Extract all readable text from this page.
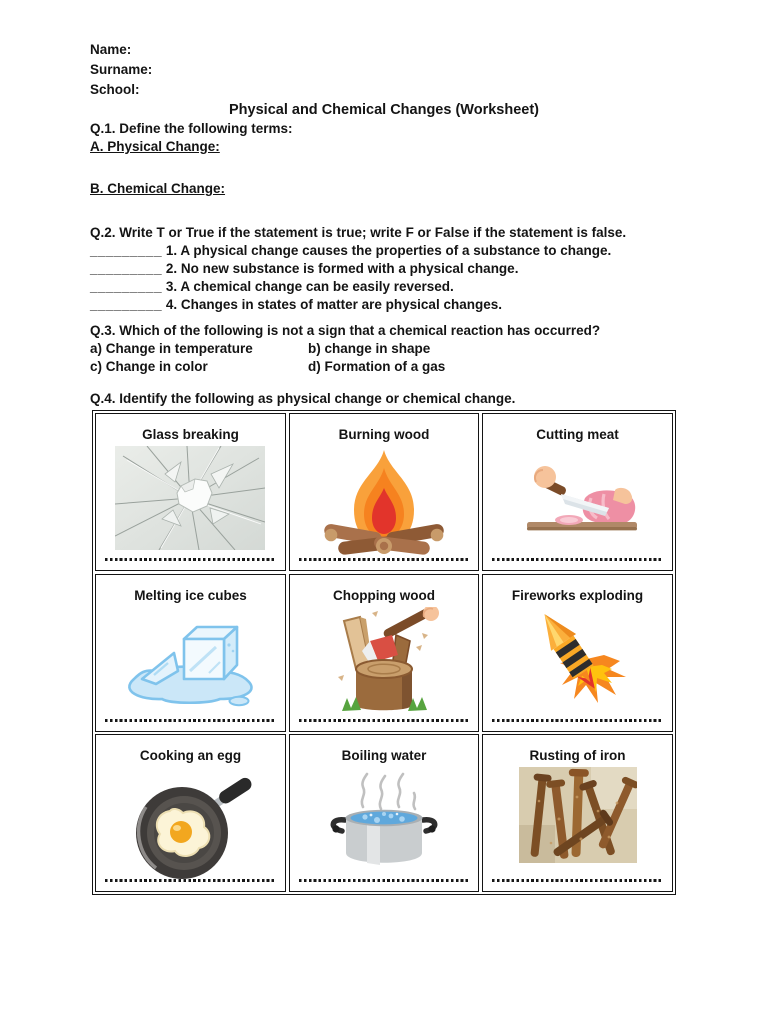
Name:
Surname:
School:
Physical and Chemical Changes (Worksheet)
Q.1. Define the following terms:
A. Physical Change:
B. Chemical Change:
Q.2. Write T or True if the statement is true; write F or False if the statement is false.
_________ 1. A physical change causes the properties of a substance to change.
_________ 2. No new substance is formed with a physical change.
_________ 3. A chemical change can be easily reversed.
_________ 4. Changes in states of matter are physical changes.
Q.3. Which of the following is not a sign that a chemical reaction has occurred?
a) Change in temperature	b) change in shape
c) Change in color	d) Formation of a gas
Q.4. Identify the following as physical change or chemical change.
Glass breaking	Burning wood	Cutting meat
Melting ice cubes	Chopping wood	Fireworks exploding
Cooking an egg	Boiling water	Rusting of iron
